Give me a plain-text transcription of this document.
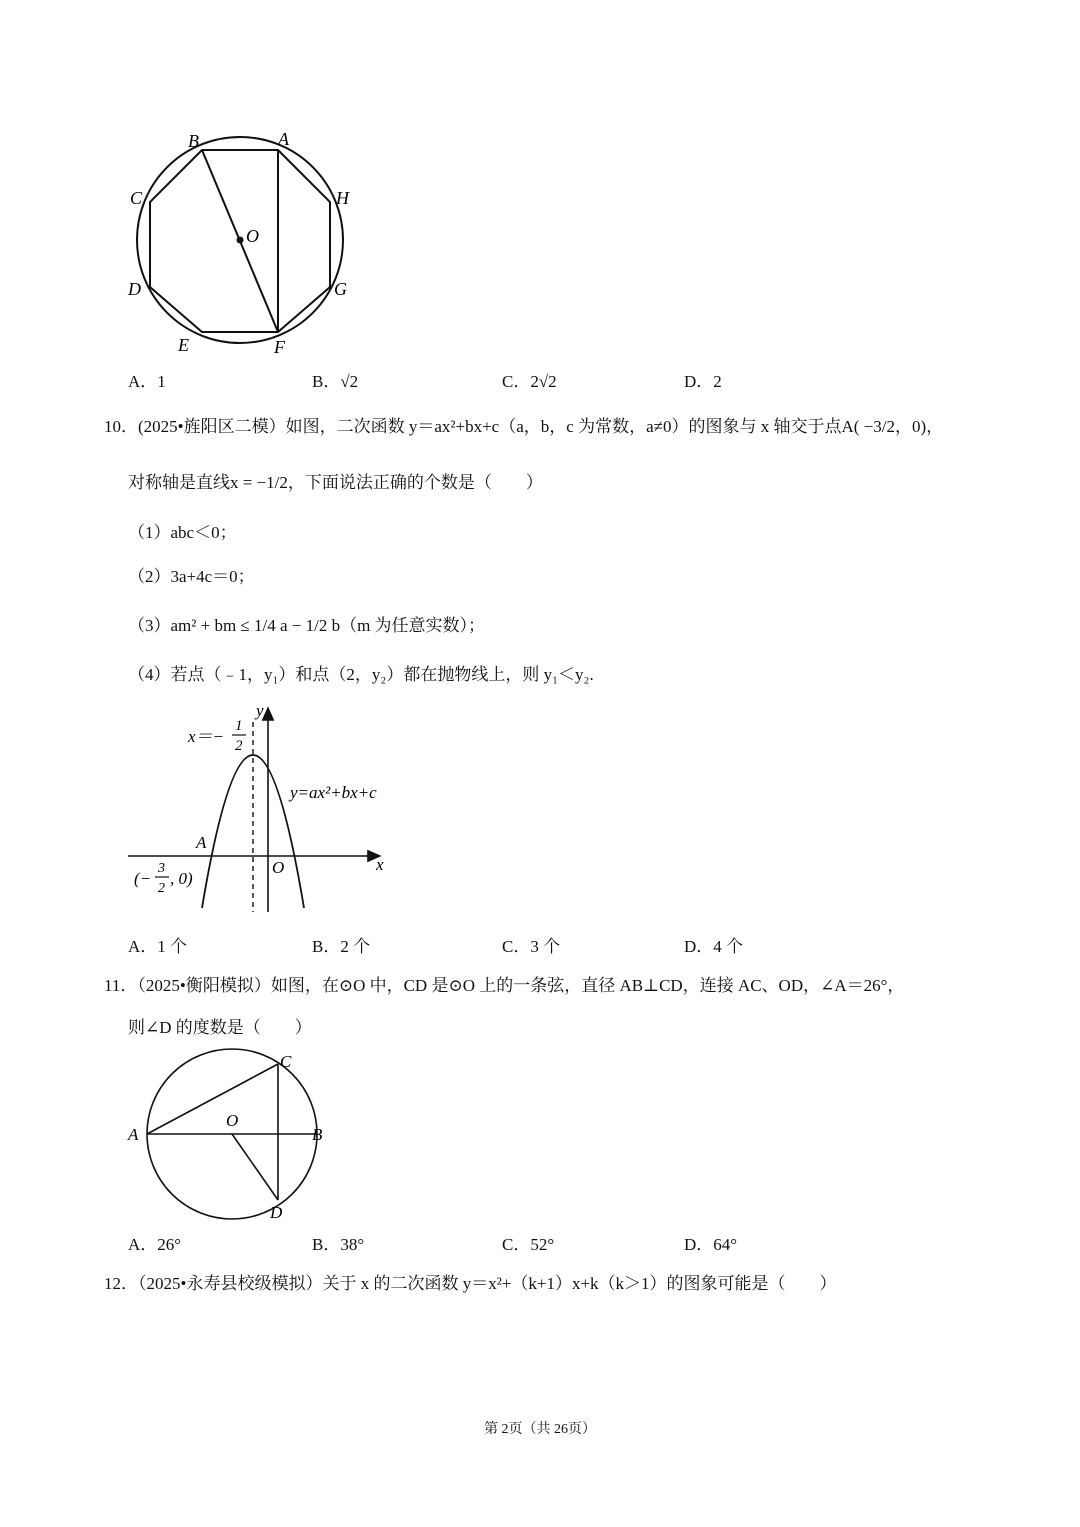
B	A
C	H
O
D	G
E	F
A．1	B．√2	C．2√2	D．2
10．(2025•旌阳区二模）如图，二次函数 y＝ax²+bx+c（a，b，c 为常数，a≠0）的图象与 x 轴交于点A( −3/2，0)，
对称轴是直线x = −1/2，下面说法正确的个数是（　　）
（1）abc＜0；
（2）3a+4c＝0；
（3）am² + bm ≤ 1/4 a − 1/2 b（m 为任意实数）；
（4）若点（﹣1，y₁）和点（2，y₂）都在抛物线上，则 y₁＜y₂.
x＝−
1
2
y
y=ax²+bx+c
A
O	x
(−
3
2
, 0)
A．1 个	B．2 个	C．3 个	D．4 个
11．（2025•衡阳模拟）如图，在⊙O 中，CD 是⊙O 上的一条弦，直径 AB⊥CD，连接 AC、OD，∠A＝26°，
则∠D 的度数是（　　）
A	B
C
D
O
A．26°	B．38°	C．52°	D．64°
12．（2025•永寿县校级模拟）关于 x 的二次函数 y＝x²+（k+1）x+k（k＞1）的图象可能是（　　）
第 2页（共 26页）
